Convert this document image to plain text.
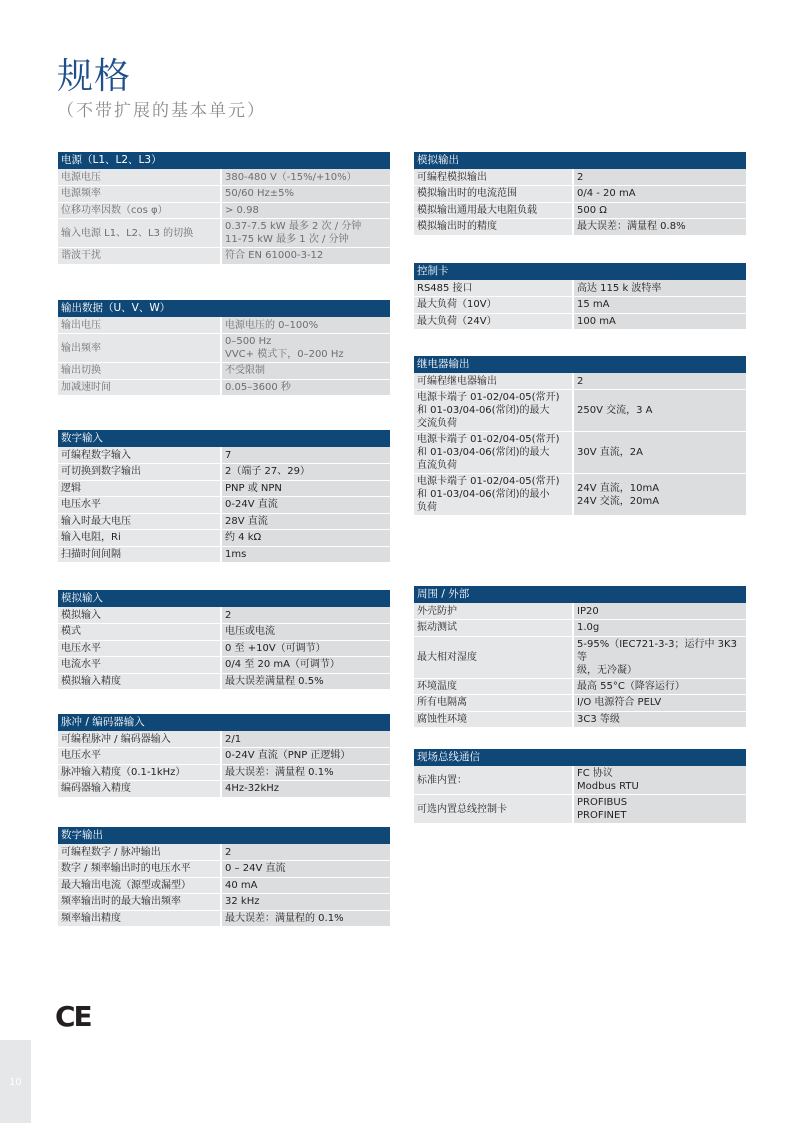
规格
（不带扩展的基本单元）
电源（L1、L2、L3）	
电源电压	380-480 V（-15%/+10%）
电源频率	50/60 Hz±5%
位移功率因数（cos φ）	> 0.98
输入电源 L1、L2、L3 的切换	0.37-7.5 kW 最多 2 次 / 分钟
11-75 kW 最多 1 次 / 分钟
谐波干扰	符合 EN 61000-3-12
输出数据（U、V、W）	
输出电压	电源电压的 0–100%
输出频率	0–500 Hz
VVC+ 模式下，0–200 Hz
输出切换	不受限制
加减速时间	0.05–3600 秒
数字输入	
可编程数字输入	7
可切换到数字输出	2（端子 27、29）
逻辑	PNP 或 NPN
电压水平	0-24V 直流
输入时最大电压	28V 直流
输入电阻，Ri	约 4 kΩ
扫描时间间隔	1ms
模拟输入	
模拟输入	2
模式	电压或电流
电压水平	0 至 +10V（可调节）
电流水平	0/4 至 20 mA（可调节）
模拟输入精度	最大误差满量程 0.5%
脉冲 / 编码器输入	
可编程脉冲 / 编码器输入	2/1
电压水平	0-24V 直流（PNP 正逻辑）
脉冲输入精度（0.1-1kHz）	最大误差：满量程 0.1%
编码器输入精度	4Hz-32kHz
数字输出	
可编程数字 / 脉冲输出	2
数字 / 频率输出时的电压水平	0 – 24V 直流
最大输出电流（源型或漏型）	40 mA
频率输出时的最大输出频率	32 kHz
频率输出精度	最大误差：满量程的 0.1%
模拟输出	
可编程模拟输出	2
模拟输出时的电流范围	0/4 - 20 mA
模拟输出通用最大电阻负载	500 Ω
模拟输出时的精度	最大误差：满量程 0.8%
控制卡	
RS485 接口	高达 115 k 波特率
最大负荷（10V）	15 mA
最大负荷（24V）	100 mA
继电器输出	
可编程继电器输出	2
电源卡端子 01-02/04-05(常开)
和 01-03/04-06(常闭)的最大
交流负荷	250V 交流，3 A
电源卡端子 01-02/04-05(常开)
和 01-03/04-06(常闭)的最大
直流负荷	30V 直流，2A
电源卡端子 01-02/04-05(常开)
和 01-03/04-06(常闭)的最小
负荷	24V 直流，10mA
24V 交流，20mA
周围 / 外部	
外壳防护	IP20
振动测试	1.0g
最大相对湿度	5-95%（IEC721-3-3；运行中 3K3 等
级，无冷凝）
环境温度	最高 55°C（降容运行）
所有电隔离	I/O 电源符合 PELV
腐蚀性环境	3C3 等级
现场总线通信	
标准内置：	FC 协议
Modbus RTU
可选内置总线控制卡	PROFIBUS
PROFINET
CE
10
